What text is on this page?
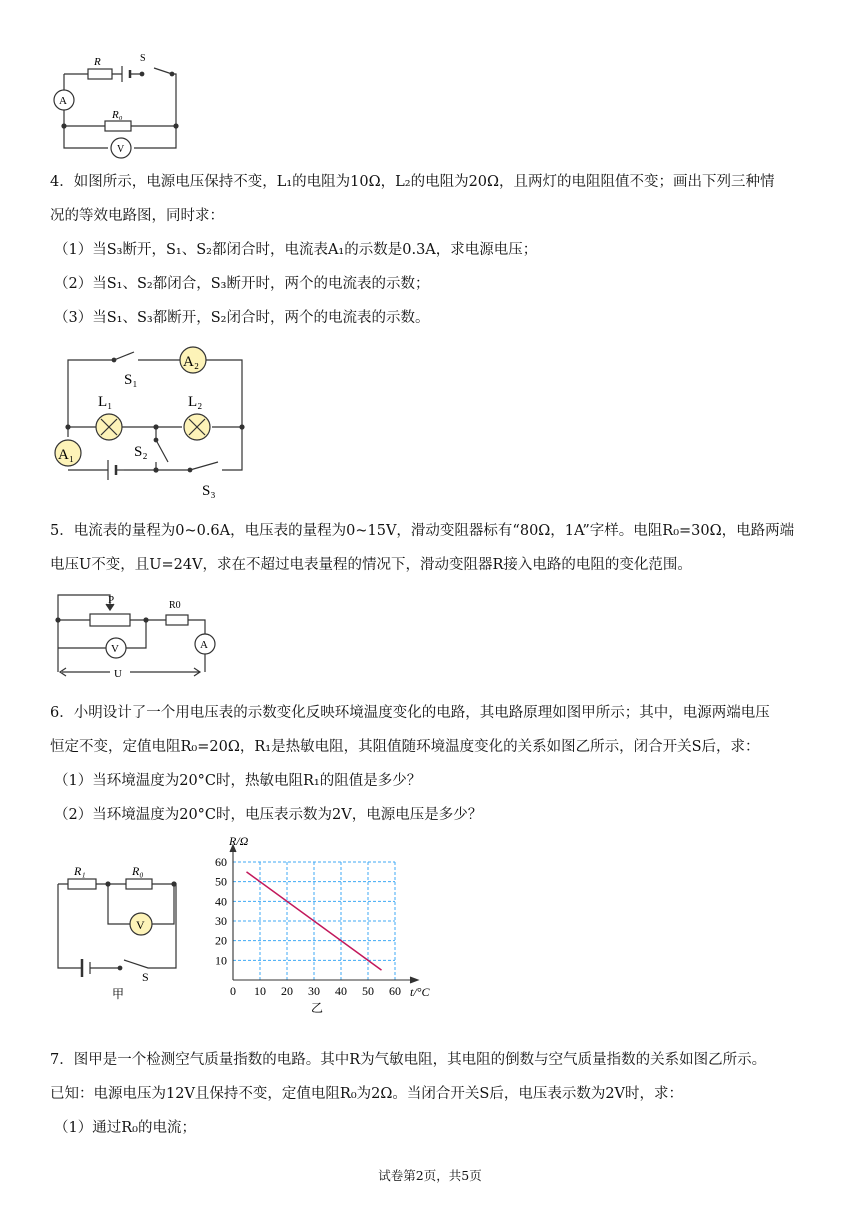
R	S
R₀
A
V
4．如图所示，电源电压保持不变，L₁的电阻为10Ω，L₂的电阻为20Ω，且两灯的电阻阻值不变；画出下列三种情
况的等效电路图，同时求：
（1）当S₃断开，S₁、S₂都闭合时，电流表A₁的示数是0.3A，求电源电压；
（2）当S₁、S₂都闭合，S₃断开时，两个的电流表的示数；
（3）当S₁、S₃都断开，S₂闭合时，两个的电流表的示数。
S₁
A₂
L₁	L₂
S₂
A₁
S₃
5．电流表的量程为0~0.6A，电压表的量程为0~15V，滑动变阻器标有“80Ω，1A”字样。电阻R₀=30Ω，电路两端
电压U不变，且U=24V，求在不超过电表量程的情况下，滑动变阻器R接入电路的电阻的变化范围。
P	R0
V	A
U
6．小明设计了一个用电压表的示数变化反映环境温度变化的电路，其电路原理如图甲所示；其中，电源两端电压
恒定不变，定值电阻R₀=20Ω，R₁是热敏电阻，其阻值随环境温度变化的关系如图乙所示，闭合开关S后，求：
（1）当环境温度为20°C时，热敏电阻R₁的阻值是多少？
（2）当环境温度为20°C时，电压表示数为2V，电源电压是多少？
R₁	R₀
V
S
甲	0 10 20 30 40 50 60
10
20
30
40
50
60
R/Ω
t/°C
乙
7．图甲是一个检测空气质量指数的电路。其中R为气敏电阻，其电阻的倒数与空气质量指数的关系如图乙所示。
已知：电源电压为12V且保持不变，定值电阻R₀为2Ω。当闭合开关S后，电压表示数为2V时，求：
（1）通过R₀的电流；
试卷第2页，共5页
